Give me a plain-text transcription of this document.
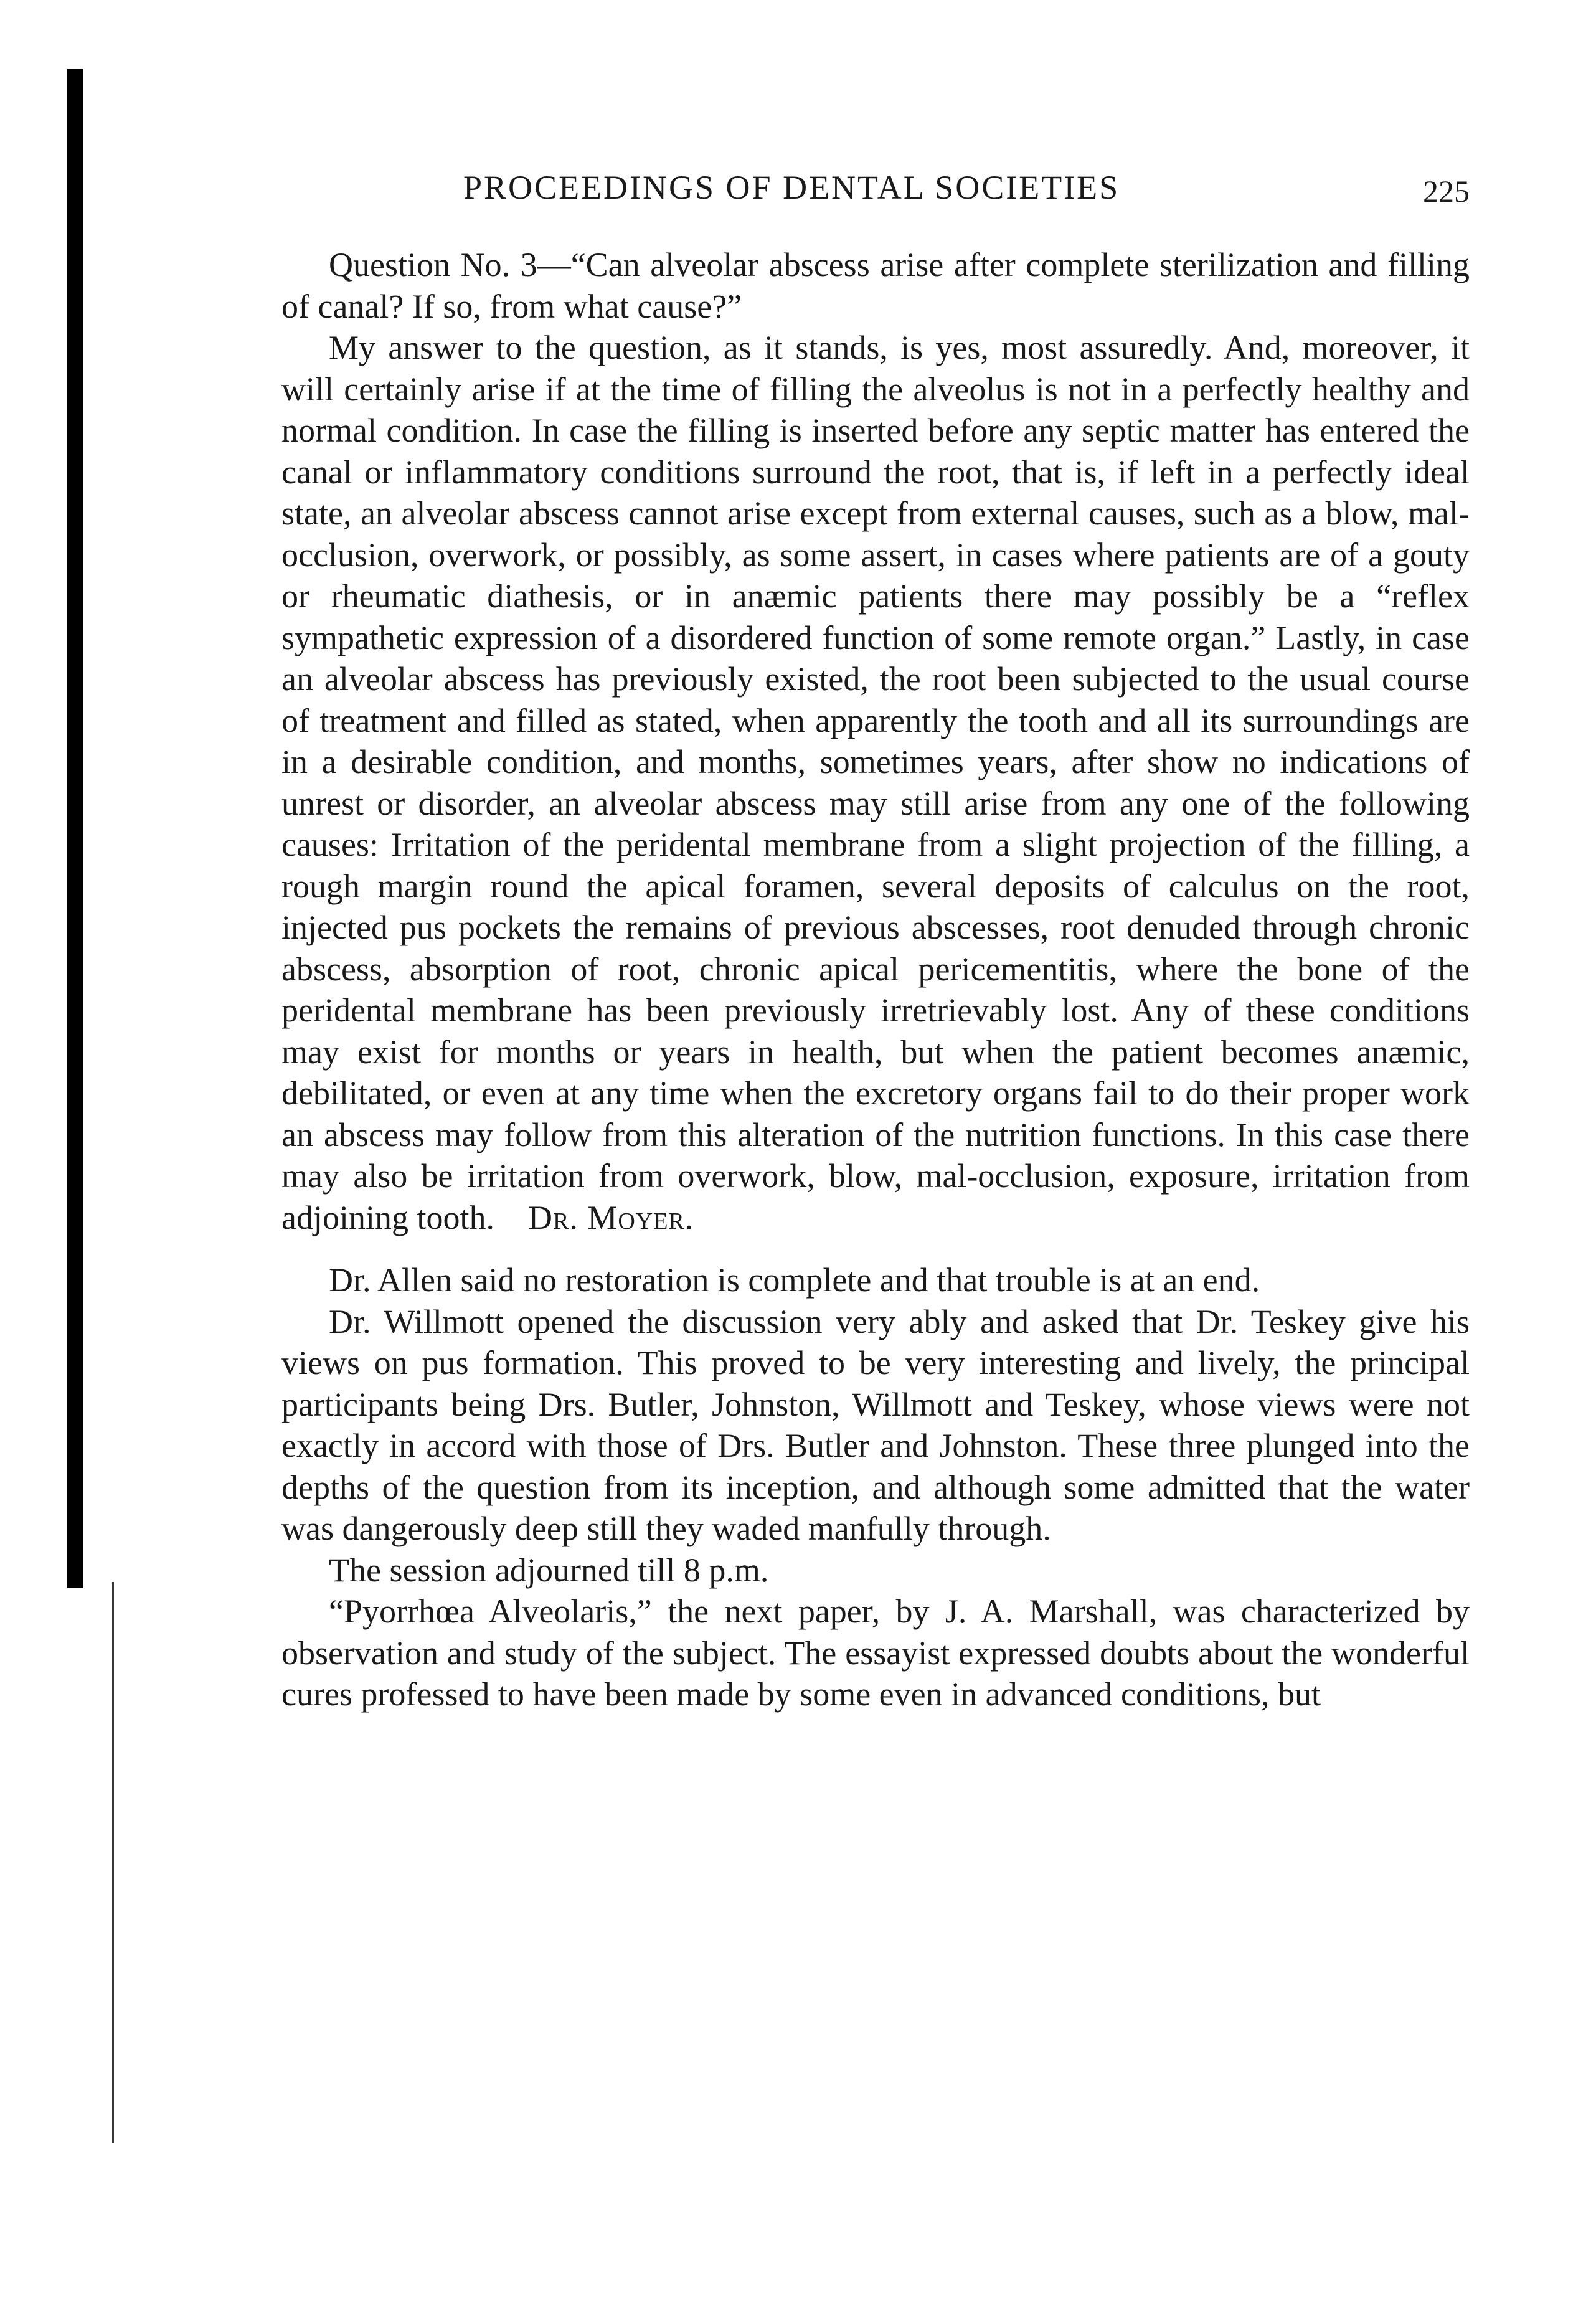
PROCEEDINGS OF DENTAL SOCIETIES	225

Question No. 3—“Can alveolar abscess arise after complete sterilization and filling of canal? If so, from what cause?”

My answer to the question, as it stands, is yes, most assuredly. And, moreover, it will certainly arise if at the time of filling the alveolus is not in a perfectly healthy and normal condition. In case the filling is inserted before any septic matter has entered the canal or inflammatory conditions surround the root, that is, if left in a perfectly ideal state, an alveolar abscess cannot arise except from external causes, such as a blow, mal-occlusion, overwork, or possibly, as some assert, in cases where patients are of a gouty or rheumatic diathesis, or in anæmic patients there may possibly be a “reflex sympathetic expression of a disordered function of some remote organ.” Lastly, in case an alveolar abscess has previously existed, the root been subjected to the usual course of treatment and filled as stated, when apparently the tooth and all its surroundings are in a desirable condition, and months, sometimes years, after show no indications of unrest or disorder, an alveolar abscess may still arise from any one of the following causes: Irritation of the peridental membrane from a slight projection of the filling, a rough margin round the apical foramen, several deposits of calculus on the root, injected pus pockets the remains of previous abscesses, root denuded through chronic abscess, absorption of root, chronic apical pericementitis, where the bone of the peridental membrane has been previously irretrievably lost. Any of these conditions may exist for months or years in health, but when the patient becomes anæmic, debilitated, or even at any time when the excretory organs fail to do their proper work an abscess may follow from this alteration of the nutrition functions. In this case there may also be irritation from overwork, blow, mal-occlusion, exposure, irritation from adjoining tooth. Dr. Moyer.

Dr. Allen said no restoration is complete and that trouble is at an end.

Dr. Willmott opened the discussion very ably and asked that Dr. Teskey give his views on pus formation. This proved to be very interesting and lively, the principal participants being Drs. Butler, Johnston, Willmott and Teskey, whose views were not exactly in accord with those of Drs. Butler and Johnston. These three plunged into the depths of the question from its inception, and although some admitted that the water was dangerously deep still they waded manfully through.

The session adjourned till 8 p.m.

“Pyorrhœa Alveolaris,” the next paper, by J. A. Marshall, was characterized by observation and study of the subject. The essayist expressed doubts about the wonderful cures professed to have been made by some even in advanced conditions, but
